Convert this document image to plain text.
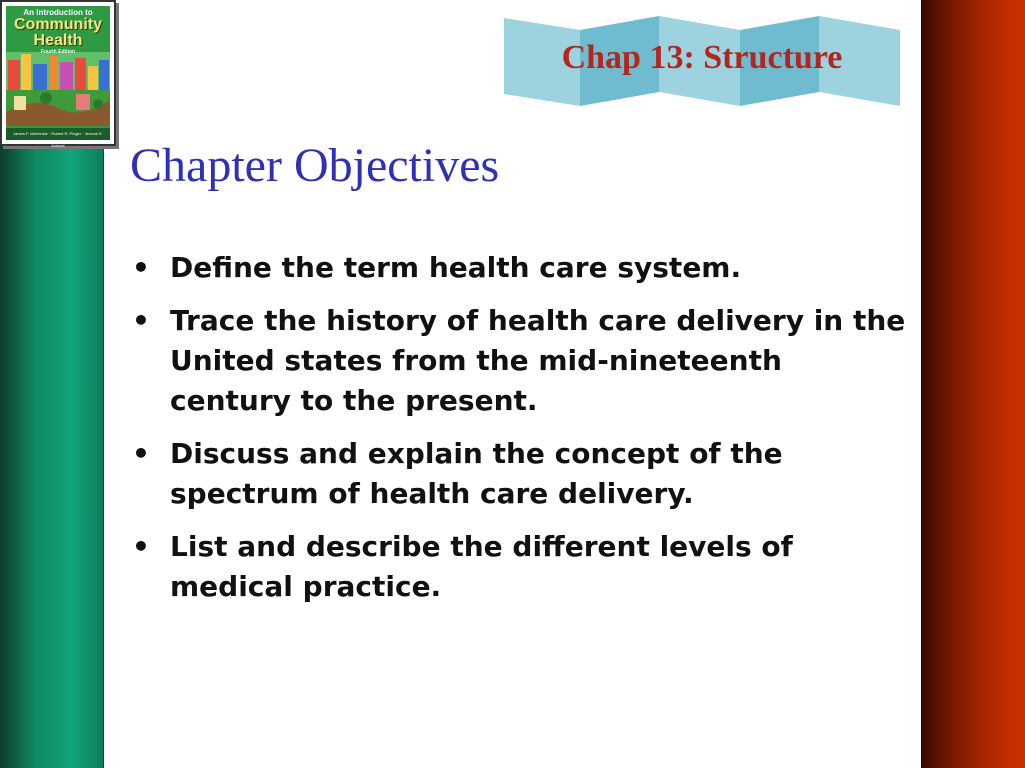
An Introduction to
Community
Health
Fourth Edition
James F. McKenzie · Robert R. Pinger · Jerome E. Kotecki
Chap 13: Structure
Chapter Objectives
• Define the term health care system.
• Trace the history of health care delivery in the United states from the mid-nineteenth century to the present.
• Discuss and explain the concept of the spectrum of health care delivery.
• List and describe the different levels of medical practice.
